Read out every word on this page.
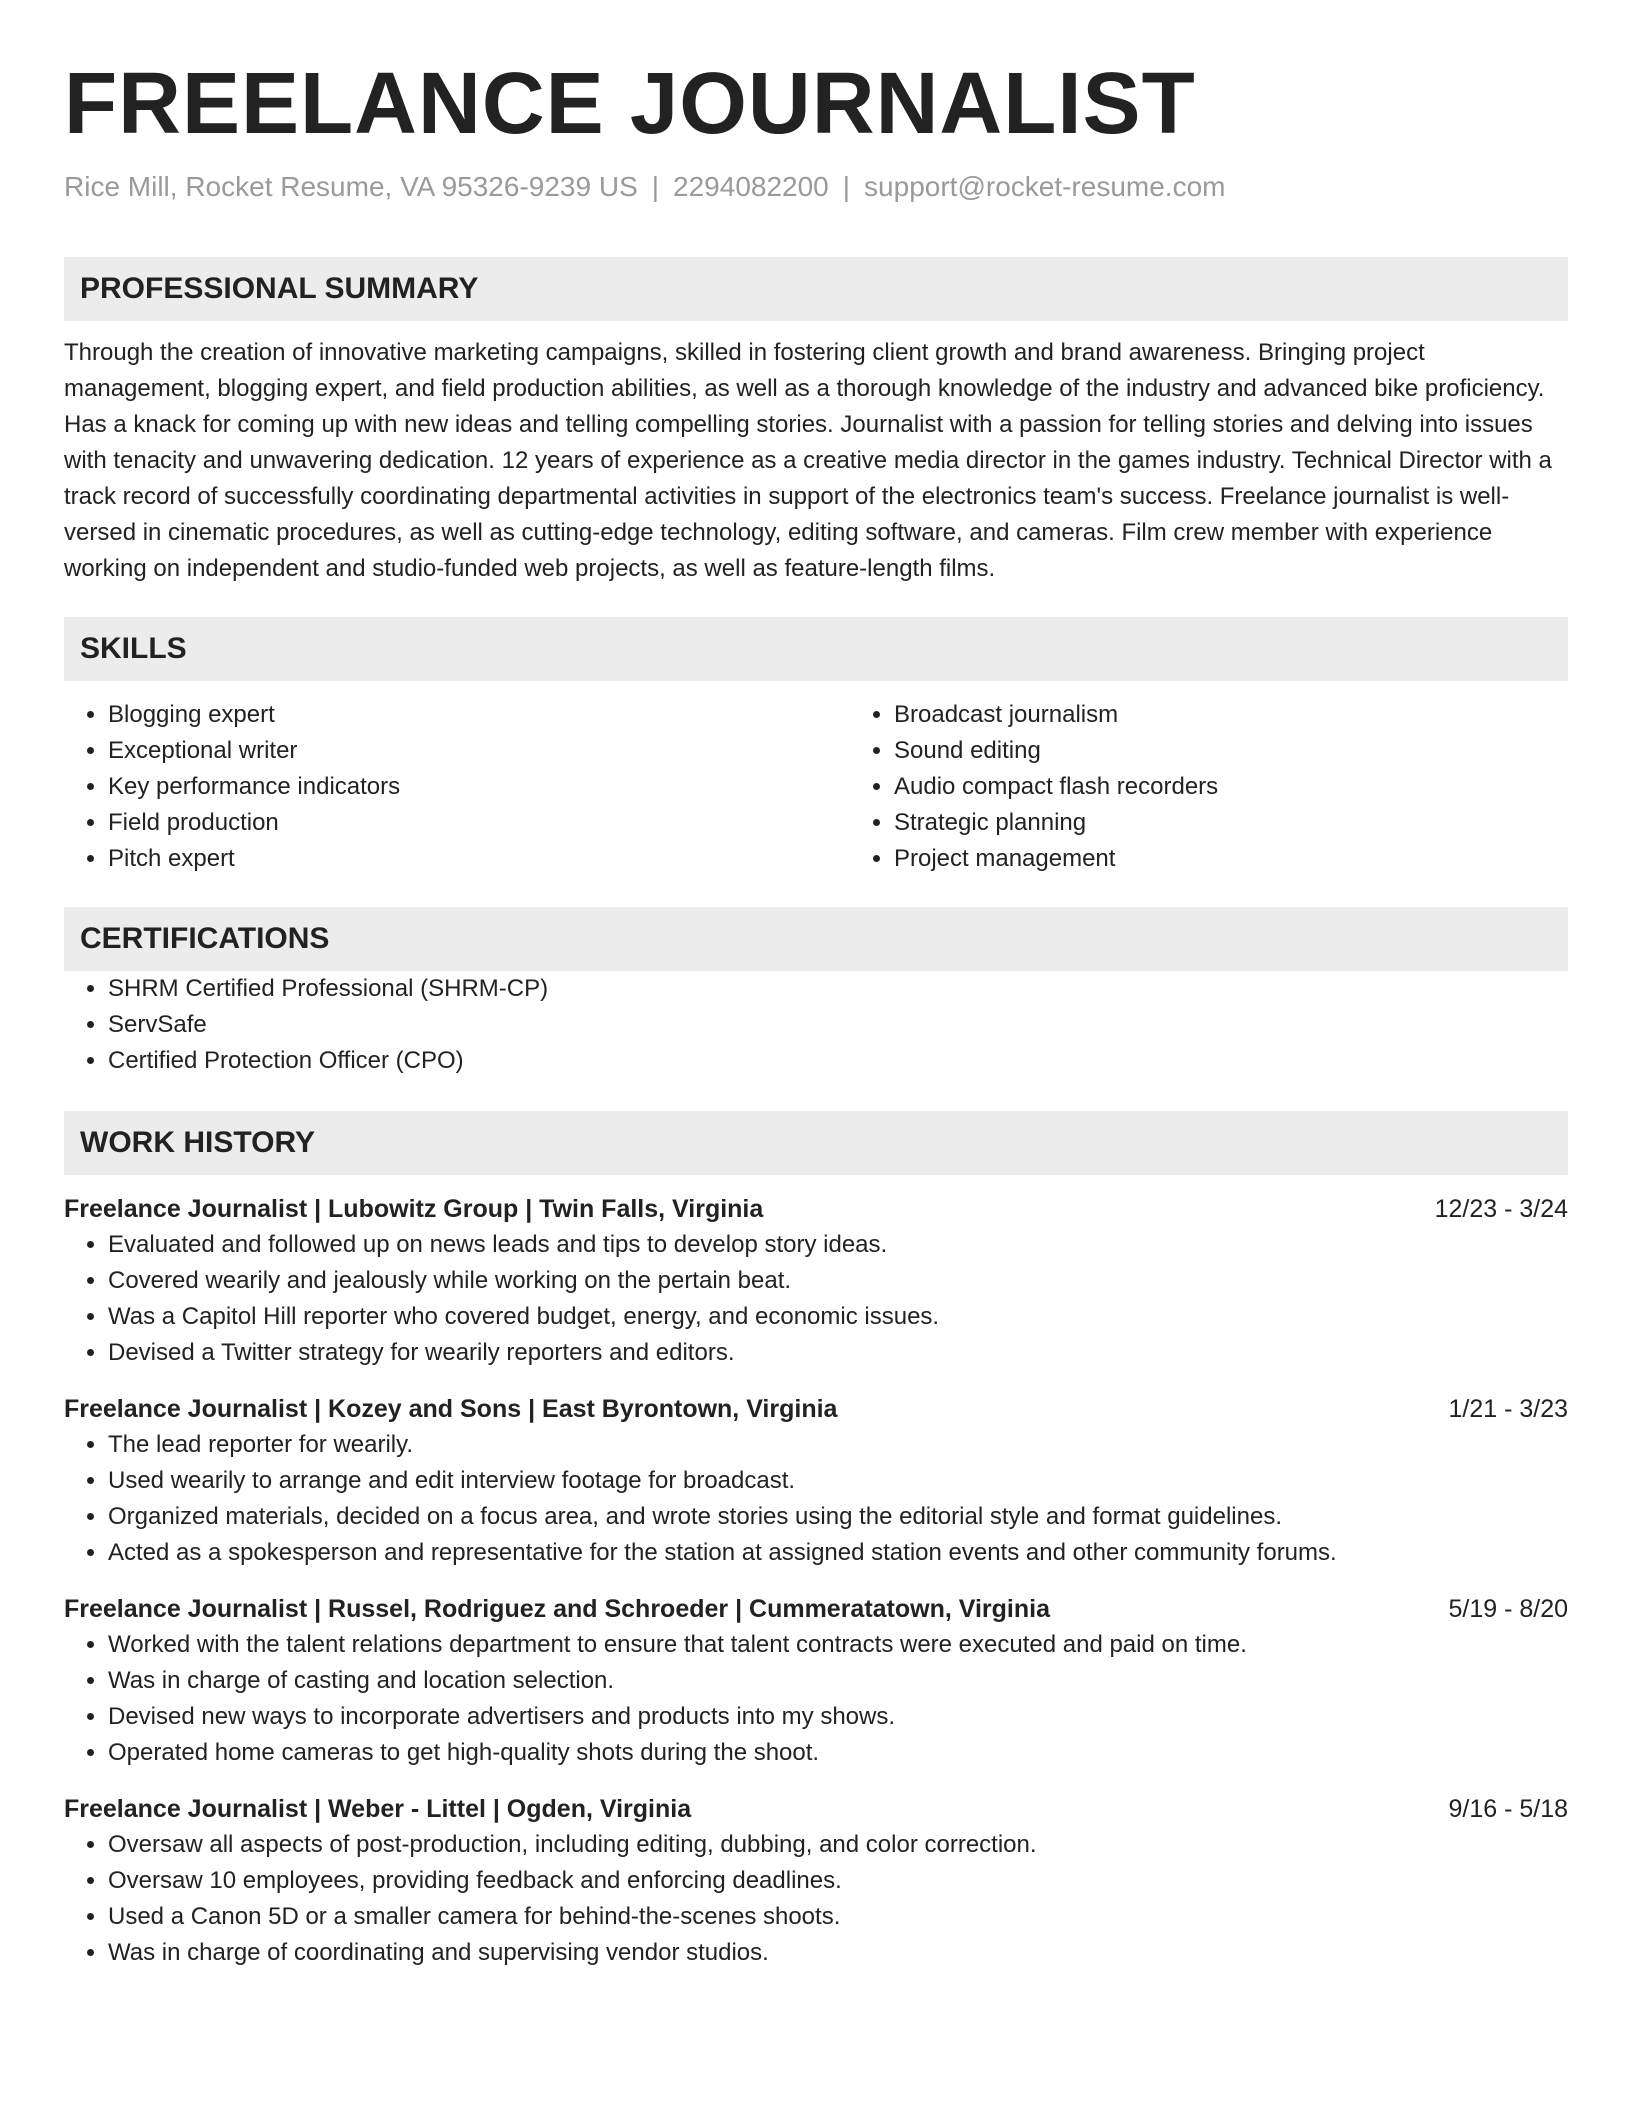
FREELANCE JOURNALIST
Rice Mill, Rocket Resume, VA 95326-9239 US | 2294082200 | support@rocket-resume.com
PROFESSIONAL SUMMARY
Through the creation of innovative marketing campaigns, skilled in fostering client growth and brand awareness. Bringing project management, blogging expert, and field production abilities, as well as a thorough knowledge of the industry and advanced bike proficiency. Has a knack for coming up with new ideas and telling compelling stories. Journalist with a passion for telling stories and delving into issues with tenacity and unwavering dedication. 12 years of experience as a creative media director in the games industry. Technical Director with a track record of successfully coordinating departmental activities in support of the electronics team's success. Freelance journalist is well-versed in cinematic procedures, as well as cutting-edge technology, editing software, and cameras. Film crew member with experience working on independent and studio-funded web projects, as well as feature-length films.
SKILLS
• Blogging expert
• Exceptional writer
• Key performance indicators
• Field production
• Pitch expert
• Broadcast journalism
• Sound editing
• Audio compact flash recorders
• Strategic planning
• Project management
CERTIFICATIONS
• SHRM Certified Professional (SHRM-CP)
• ServSafe
• Certified Protection Officer (CPO)
WORK HISTORY
Freelance Journalist | Lubowitz Group | Twin Falls, Virginia	12/23 - 3/24
• Evaluated and followed up on news leads and tips to develop story ideas.
• Covered wearily and jealously while working on the pertain beat.
• Was a Capitol Hill reporter who covered budget, energy, and economic issues.
• Devised a Twitter strategy for wearily reporters and editors.
Freelance Journalist | Kozey and Sons | East Byrontown, Virginia	1/21 - 3/23
• The lead reporter for wearily.
• Used wearily to arrange and edit interview footage for broadcast.
• Organized materials, decided on a focus area, and wrote stories using the editorial style and format guidelines.
• Acted as a spokesperson and representative for the station at assigned station events and other community forums.
Freelance Journalist | Russel, Rodriguez and Schroeder | Cummeratatown, Virginia	5/19 - 8/20
• Worked with the talent relations department to ensure that talent contracts were executed and paid on time.
• Was in charge of casting and location selection.
• Devised new ways to incorporate advertisers and products into my shows.
• Operated home cameras to get high-quality shots during the shoot.
Freelance Journalist | Weber - Littel | Ogden, Virginia	9/16 - 5/18
• Oversaw all aspects of post-production, including editing, dubbing, and color correction.
• Oversaw 10 employees, providing feedback and enforcing deadlines.
• Used a Canon 5D or a smaller camera for behind-the-scenes shoots.
• Was in charge of coordinating and supervising vendor studios.
